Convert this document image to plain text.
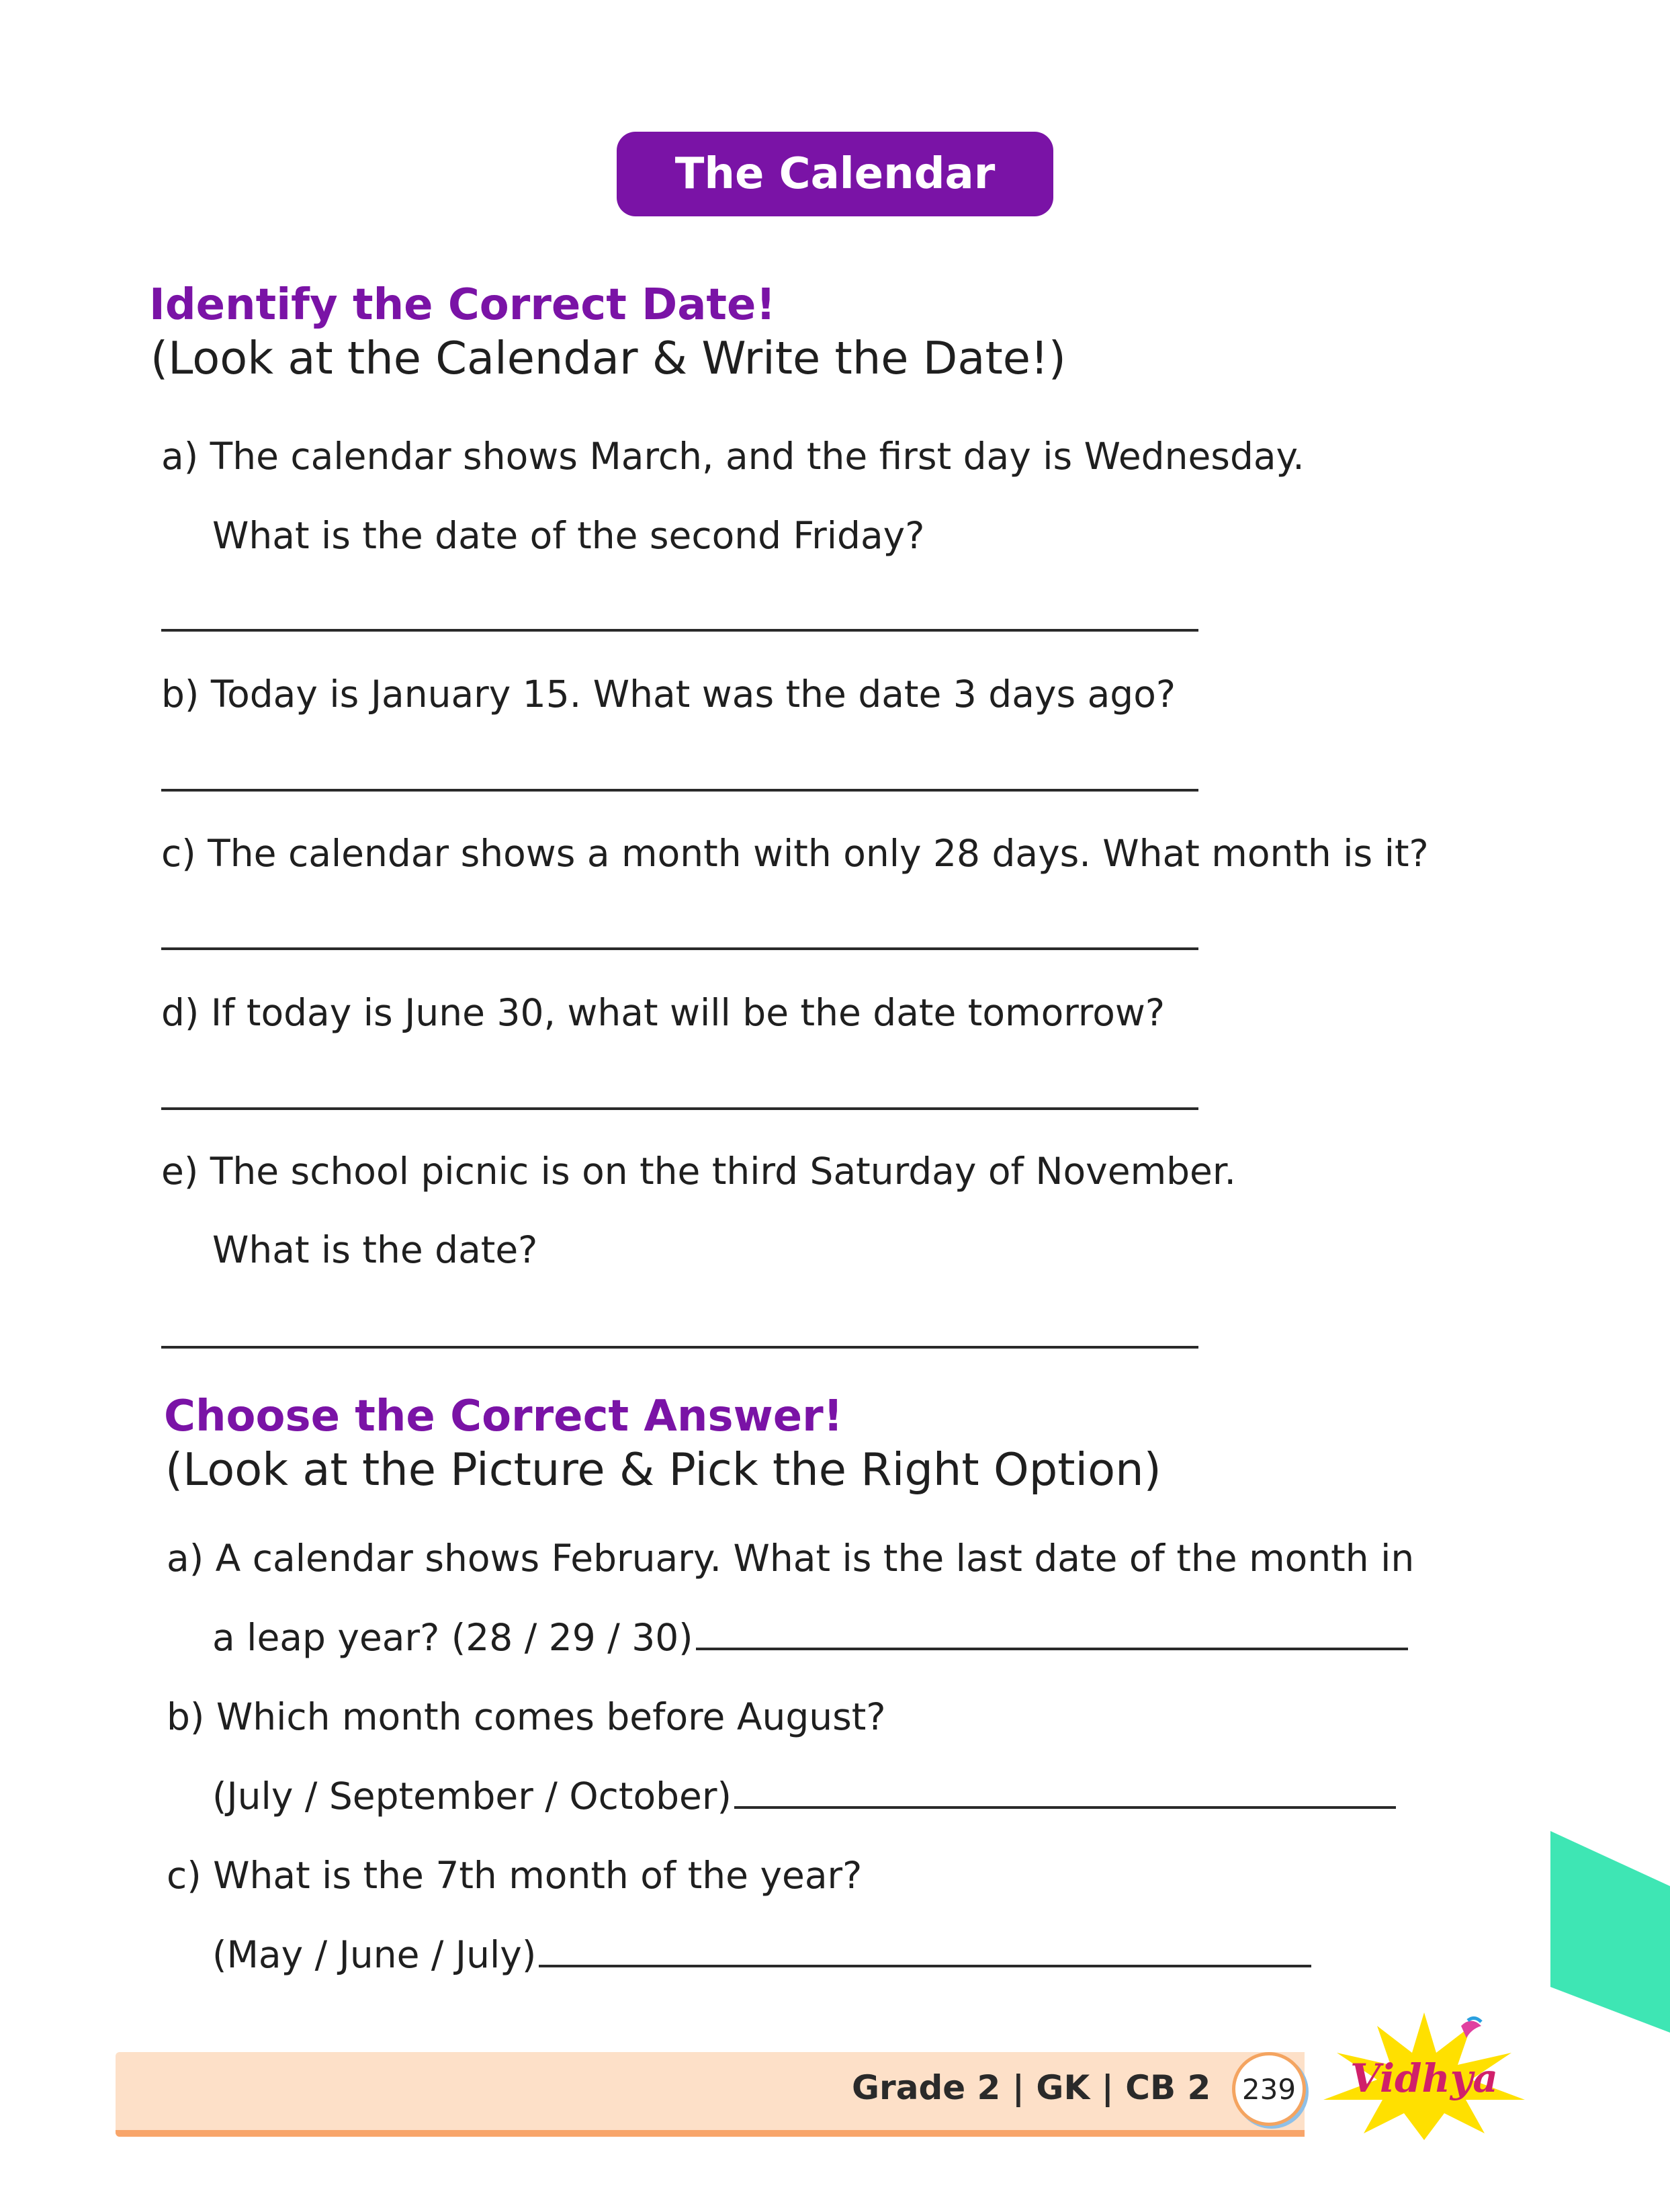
The Calendar
Identify the Correct Date!
(Look at the Calendar & Write the Date!)
a) The calendar shows March, and the first day is Wednesday.
What is the date of the second Friday?
b) Today is January 15. What was the date 3 days ago?
c) The calendar shows a month with only 28 days. What month is it?
d) If today is June 30, what will be the date tomorrow?
e) The school picnic is on the third Saturday of November.
What is the date?
Choose the Correct Answer!
(Look at the Picture & Pick the Right Option)
a) A calendar shows February. What is the last date of the month in
a leap year? (28 / 29 / 30)
b) Which month comes before August?
(July / September / October)
c) What is the 7th month of the year?
(May / June / July)
Grade 2 | GK | CB 2	239 Vidhya
